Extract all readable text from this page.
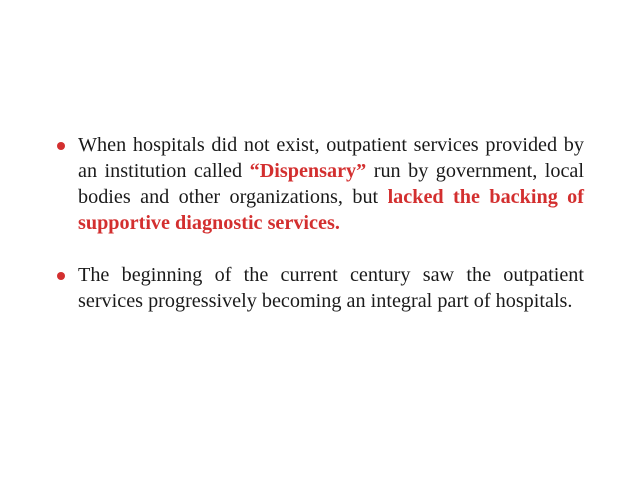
When hospitals did not exist, outpatient services provided by an institution called “Dispensary” run by government, local bodies and other organizations, but lacked the backing of supportive diagnostic services.
The beginning of the current century saw the outpatient services progressively becoming an integral part of hospitals.
